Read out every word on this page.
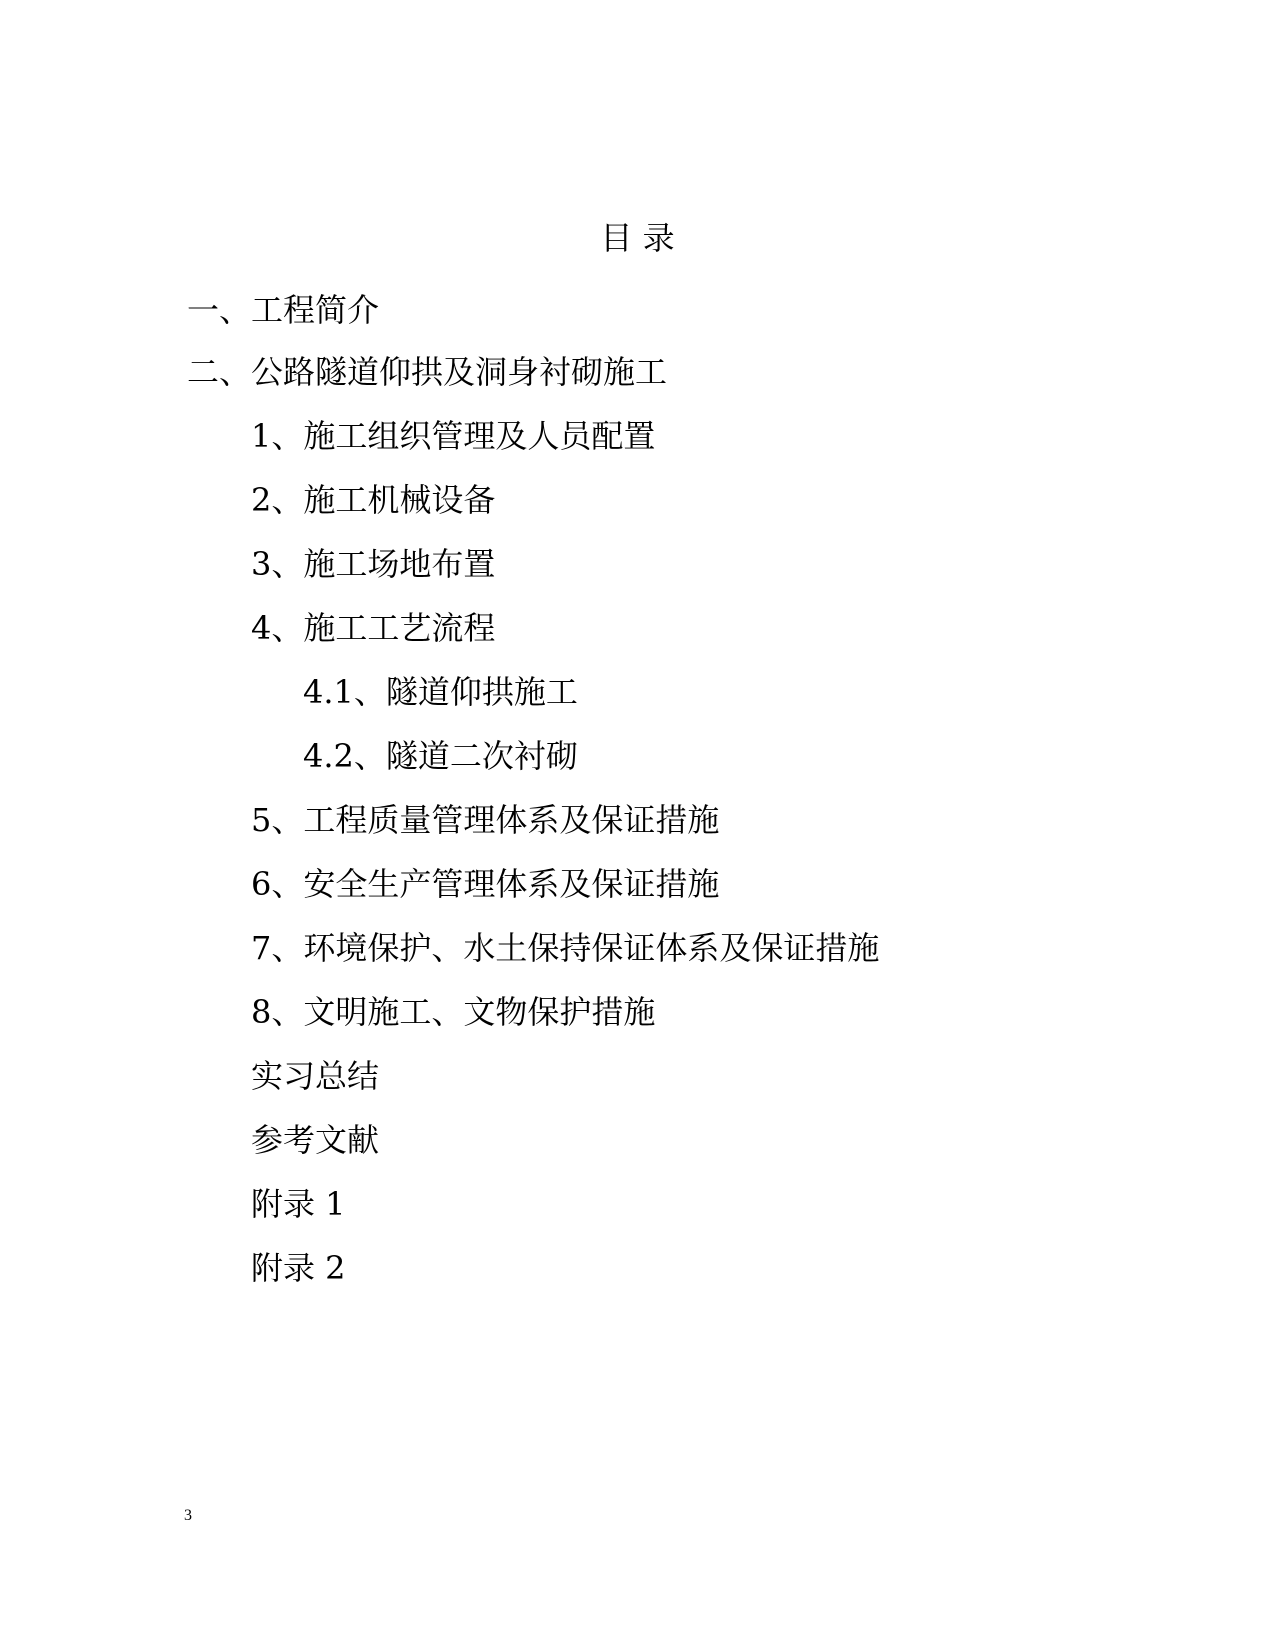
目 录
一、工程简介
二、公路隧道仰拱及洞身衬砌施工
1、施工组织管理及人员配置
2、施工机械设备
3、施工场地布置
4、施工工艺流程
4.1、隧道仰拱施工
4.2、隧道二次衬砌
5、工程质量管理体系及保证措施
6、安全生产管理体系及保证措施
7、环境保护、水土保持保证体系及保证措施
8、文明施工、文物保护措施
实习总结
参考文献
附录 1
附录 2
3
